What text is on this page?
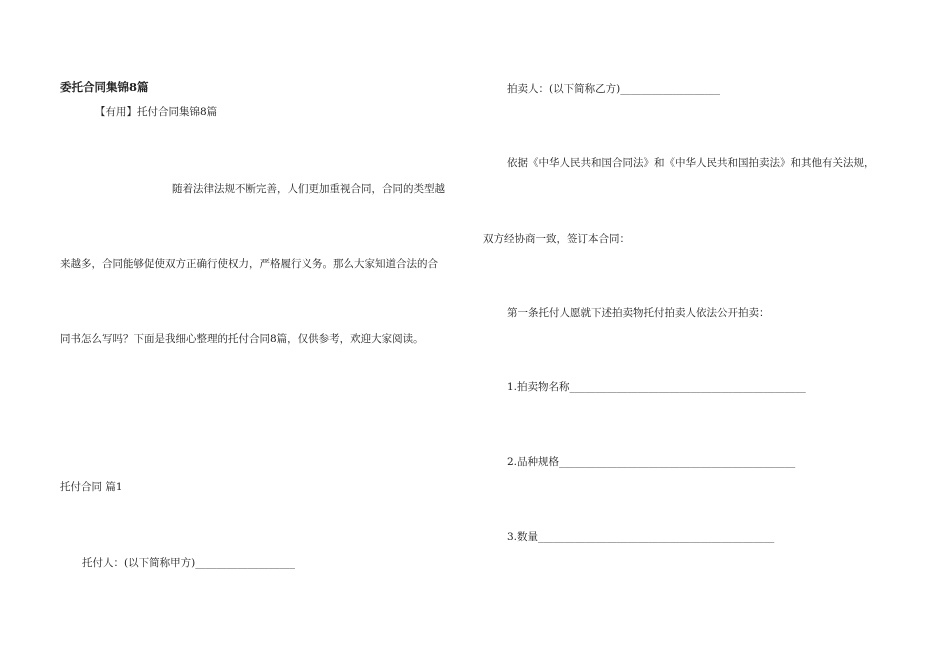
委托合同集锦8篇
【有用】托付合同集锦8篇
随着法律法规不断完善，人们更加重视合同，合同的类型越
来越多，合同能够促使双方正确行使权力，严格履行义务。那么大家知道合法的合
同书怎么写吗？下面是我细心整理的托付合同8篇，仅供参考，欢迎大家阅读。
托付合同 篇1
托付人：(以下简称甲方)___________________
拍卖人：(以下简称乙方)___________________
依据《中华人民共和国合同法》和《中华人民共和国拍卖法》和其他有关法规，
双方经协商一致，签订本合同：
第一条托付人愿就下述拍卖物托付拍卖人依法公开拍卖：
1.拍卖物名称_____________________________________________
2.品种规格_____________________________________________
3.数量_____________________________________________
